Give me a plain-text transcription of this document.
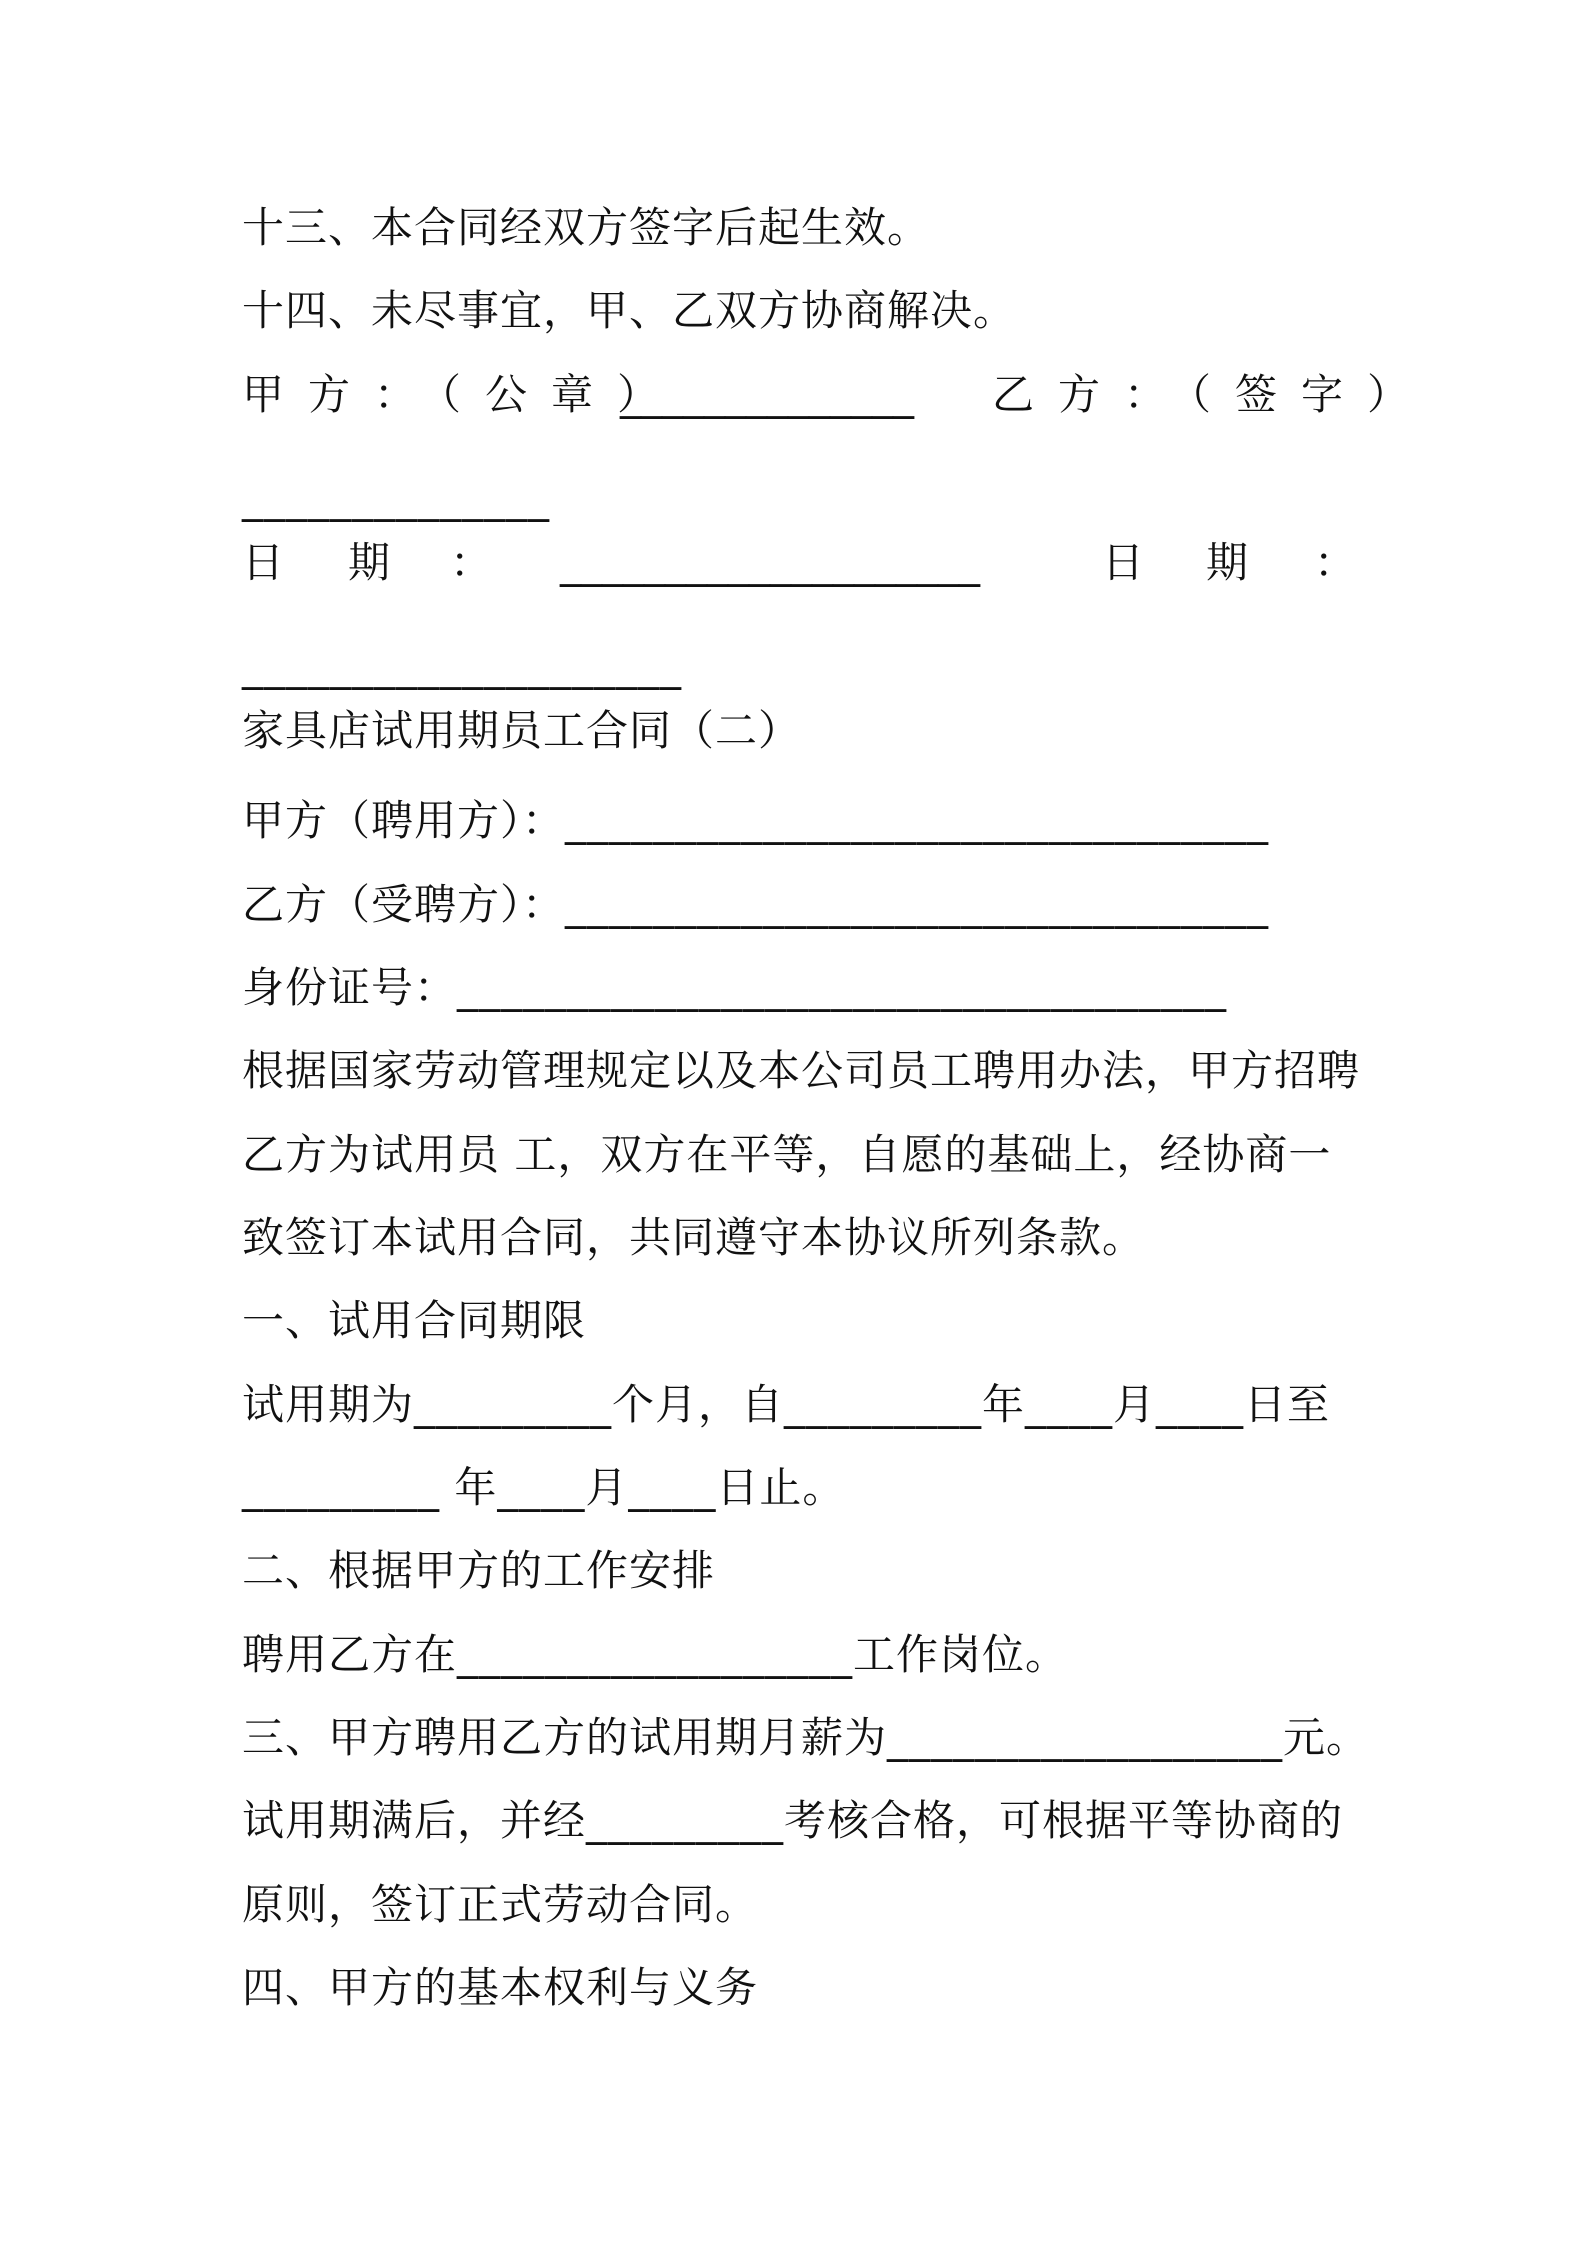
十三、本合同经双方签字后起生效。
十四、未尽事宜，甲、乙双方协商解决。

甲方：（公章）

______________

乙方：（签字）

______________

日

期

：

____________________

	日

期

：

____________________
家具店试用期员工合同（二）
甲方（聘用方）：________________________________
乙方（受聘方）：________________________________
身份证号：___________________________________
根据国家劳动管理规定以及本公司员工聘用办法，甲方招聘
乙方为试用员 工，双方在平等，自愿的基础上，经协商一
致签订本试用合同，共同遵守本协议所列条款。
一、试用合同期限
试用期为_________个月，自_________年____月____日至
_________ 年____月____日止。
二、根据甲方的工作安排
聘用乙方在__________________工作岗位。
三、甲方聘用乙方的试用期月薪为__________________元。
试用期满后，并经_________考核合格，可根据平等协商的
原则，签订正式劳动合同。
四、甲方的基本权利与义务
